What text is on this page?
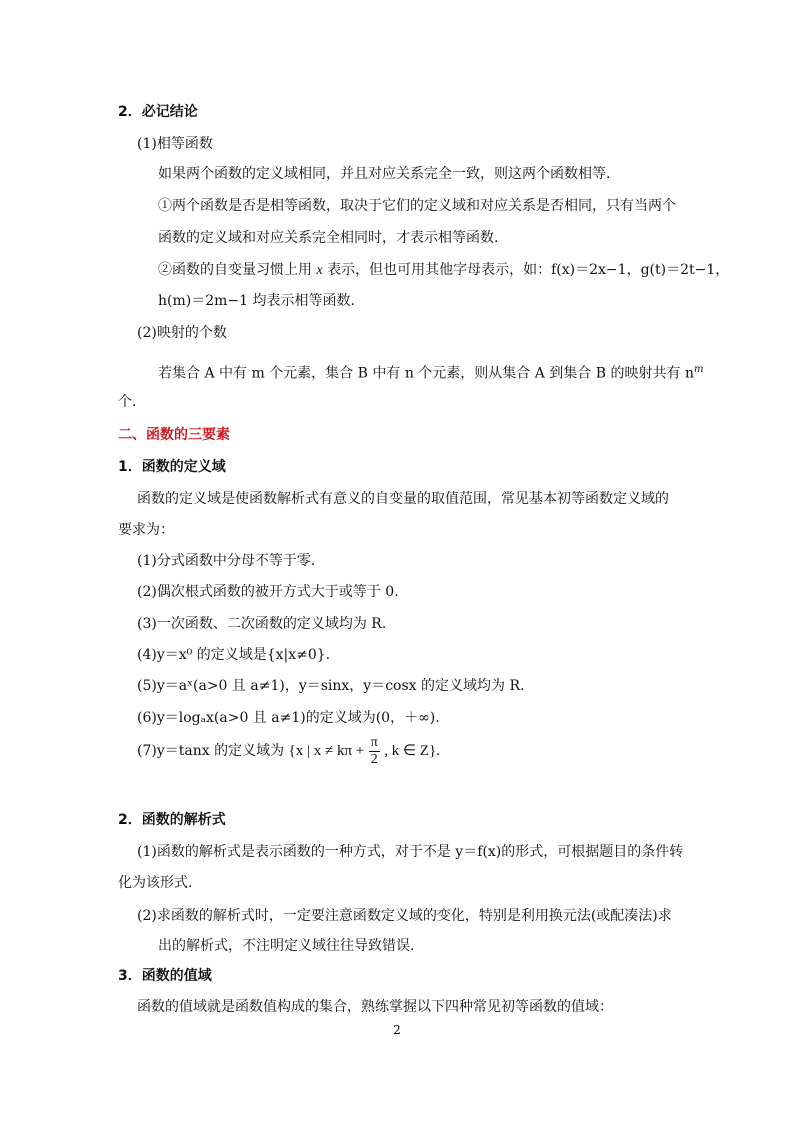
2．必记结论
(1)相等函数
如果两个函数的定义域相同，并且对应关系完全一致，则这两个函数相等.
①两个函数是否是相等函数，取决于它们的定义域和对应关系是否相同，只有当两个
函数的定义域和对应关系完全相同时，才表示相等函数.
②函数的自变量习惯上用 x 表示，但也可用其他字母表示，如：f(x)＝2x−1，g(t)＝2t−1，
h(m)＝2m−1 均表示相等函数.
(2)映射的个数
若集合 A 中有 m 个元素，集合 B 中有 n 个元素，则从集合 A 到集合 B 的映射共有 $n^m$
个.
二、函数的三要素
1．函数的定义域
函数的定义域是使函数解析式有意义的自变量的取值范围，常见基本初等函数定义域的
要求为：
(1)分式函数中分母不等于零.
(2)偶次根式函数的被开方式大于或等于 0.
(3)一次函数、二次函数的定义域均为 R.
(4)y＝x⁰ 的定义域是{x|x≠0}.
(5)y＝aˣ(a>0 且 a≠1)，y＝sinx，y＝cosx 的定义域均为 R.
(6)y＝logₐx(a>0 且 a≠1)的定义域为(0，＋∞).
(7)y＝tanx 的定义域为 {x | $x \ne k\pi + \frac{\pi}{2}$ , k ∈ Z}.
2．函数的解析式
(1)函数的解析式是表示函数的一种方式，对于不是 y＝f(x)的形式，可根据题目的条件转
化为该形式.
(2)求函数的解析式时，一定要注意函数定义域的变化，特别是利用换元法(或配凑法)求
出的解析式，不注明定义域往往导致错误.
3．函数的值域
函数的值域就是函数值构成的集合，熟练掌握以下四种常见初等函数的值域：
2
